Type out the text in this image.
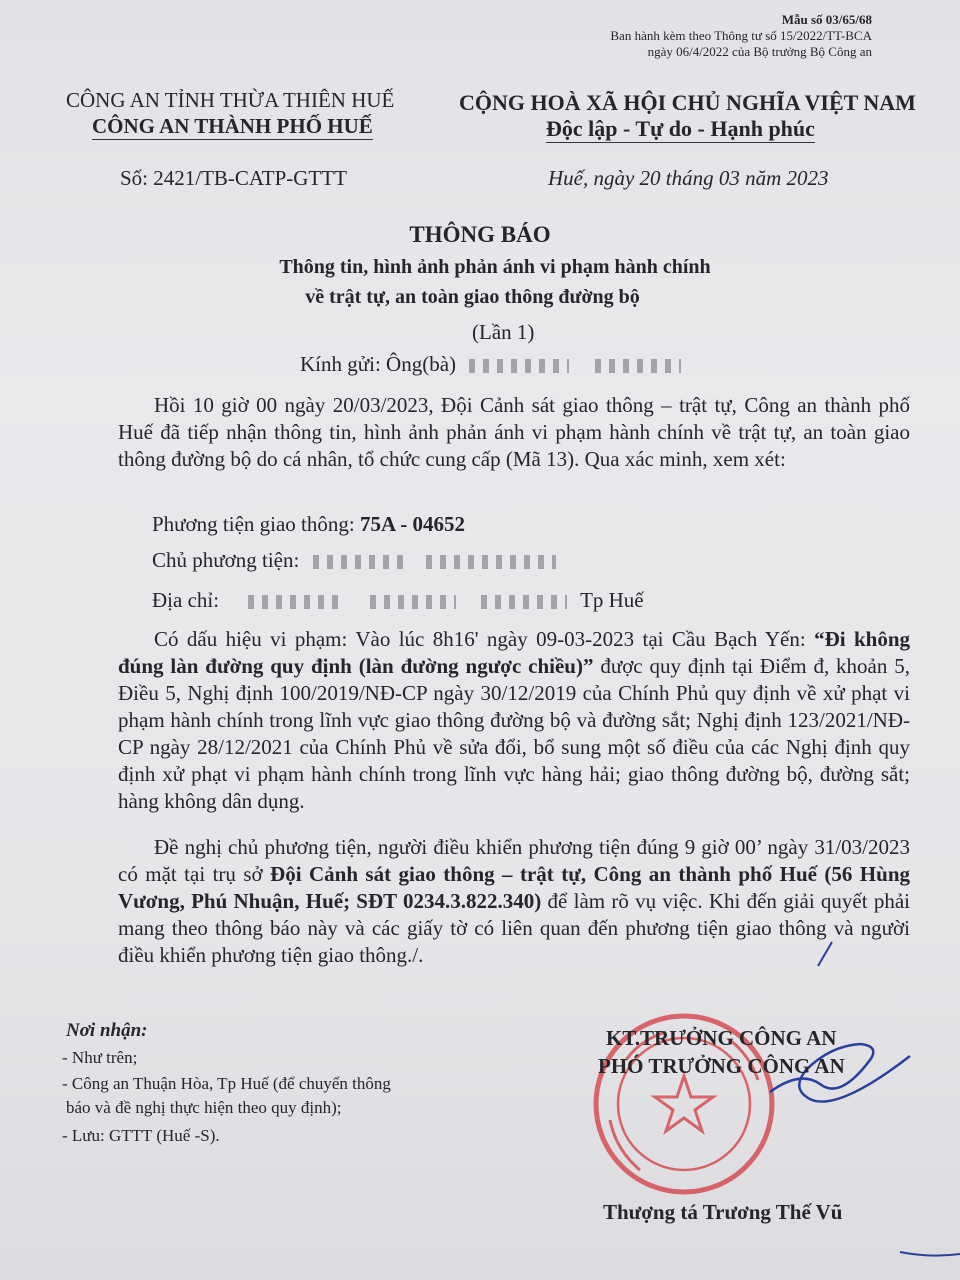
Mẫu số 03/65/68
Ban hành kèm theo Thông tư số 15/2022/TT-BCA
ngày 06/4/2022 của Bộ trưởng Bộ Công an
CÔNG AN TỈNH THỪA THIÊN HUẾ
CÔNG AN THÀNH PHỐ HUẾ
CỘNG HOÀ XÃ HỘI CHỦ NGHĨA VIỆT NAM
Độc lập - Tự do - Hạnh phúc
Số: 2421/TB-CATP-GTTT	Huế, ngày 20 tháng 03 năm 2023
THÔNG BÁO
Thông tin, hình ảnh phản ánh vi phạm hành chính
về trật tự, an toàn giao thông đường bộ
(Lần 1)
Kính gửi: Ông(bà)
Hồi 10 giờ 00 ngày 20/03/2023, Đội Cảnh sát giao thông – trật tự, Công an thành phố Huế đã tiếp nhận thông tin, hình ảnh phản ánh vi phạm hành chính về trật tự, an toàn giao thông đường bộ do cá nhân, tổ chức cung cấp (Mã 13). Qua xác minh, xem xét:
Phương tiện giao thông: 75A - 04652
Chủ phương tiện:
Địa chỉ:	Tp Huế
Có dấu hiệu vi phạm: Vào lúc 8h16' ngày 09-03-2023 tại Cầu Bạch Yến: “Đi không đúng làn đường quy định (làn đường ngược chiều)” được quy định tại Điểm đ, khoản 5, Điều 5, Nghị định 100/2019/NĐ-CP ngày 30/12/2019 của Chính Phủ quy định về xử phạt vi phạm hành chính trong lĩnh vực giao thông đường bộ và đường sắt; Nghị định 123/2021/NĐ-CP ngày 28/12/2021 của Chính Phủ về sửa đổi, bổ sung một số điều của các Nghị định quy định xử phạt vi phạm hành chính trong lĩnh vực hàng hải; giao thông đường bộ, đường sắt; hàng không dân dụng.
Đề nghị chủ phương tiện, người điều khiển phương tiện đúng 9 giờ 00’ ngày 31/03/2023 có mặt tại trụ sở Đội Cảnh sát giao thông – trật tự, Công an thành phố Huế (56 Hùng Vương, Phú Nhuận, Huế; SĐT 0234.3.822.340) để làm rõ vụ việc. Khi đến giải quyết phải mang theo thông báo này và các giấy tờ có liên quan đến phương tiện giao thông và người điều khiển phương tiện giao thông./.
Nơi nhận:
- Như trên;
- Công an Thuận Hòa, Tp Huế (để chuyển thông
báo và đề nghị thực hiện theo quy định);
- Lưu: GTTT (Huế -S).
KT.TRƯỞNG CÔNG AN
PHÓ TRƯỞNG CÔNG AN
Thượng tá Trương Thế Vũ
